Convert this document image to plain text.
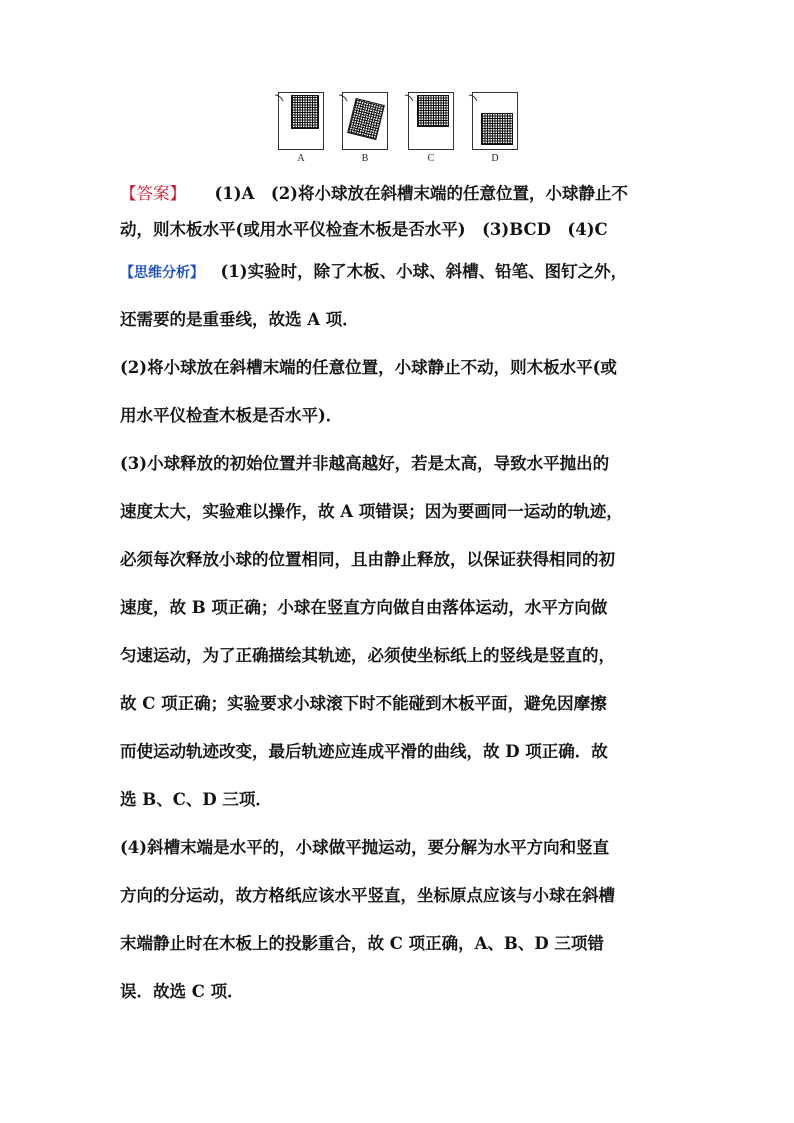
A	B	C	D
【答案】 (1)A　(2)将小球放在斜槽末端的任意位置，小球静止不
动，则木板水平(或用水平仪检查木板是否水平)　(3)BCD　(4)C
【思维分析】 (1)实验时，除了木板、小球、斜槽、铅笔、图钉之外，
还需要的是重垂线，故选 A 项．
(2)将小球放在斜槽末端的任意位置，小球静止不动，则木板水平(或
用水平仪检查木板是否水平)．
(3)小球释放的初始位置并非越高越好，若是太高，导致水平抛出的
速度太大，实验难以操作，故 A 项错误；因为要画同一运动的轨迹，
必须每次释放小球的位置相同，且由静止释放，以保证获得相同的初
速度，故 B 项正确；小球在竖直方向做自由落体运动，水平方向做
匀速运动，为了正确描绘其轨迹，必须使坐标纸上的竖线是竖直的，
故 C 项正确；实验要求小球滚下时不能碰到木板平面，避免因摩擦
而使运动轨迹改变，最后轨迹应连成平滑的曲线，故 D 项正确．故
选 B、C、D 三项．
(4)斜槽末端是水平的，小球做平抛运动，要分解为水平方向和竖直
方向的分运动，故方格纸应该水平竖直，坐标原点应该与小球在斜槽
末端静止时在木板上的投影重合，故 C 项正确，A、B、D 三项错
误．故选 C 项．
